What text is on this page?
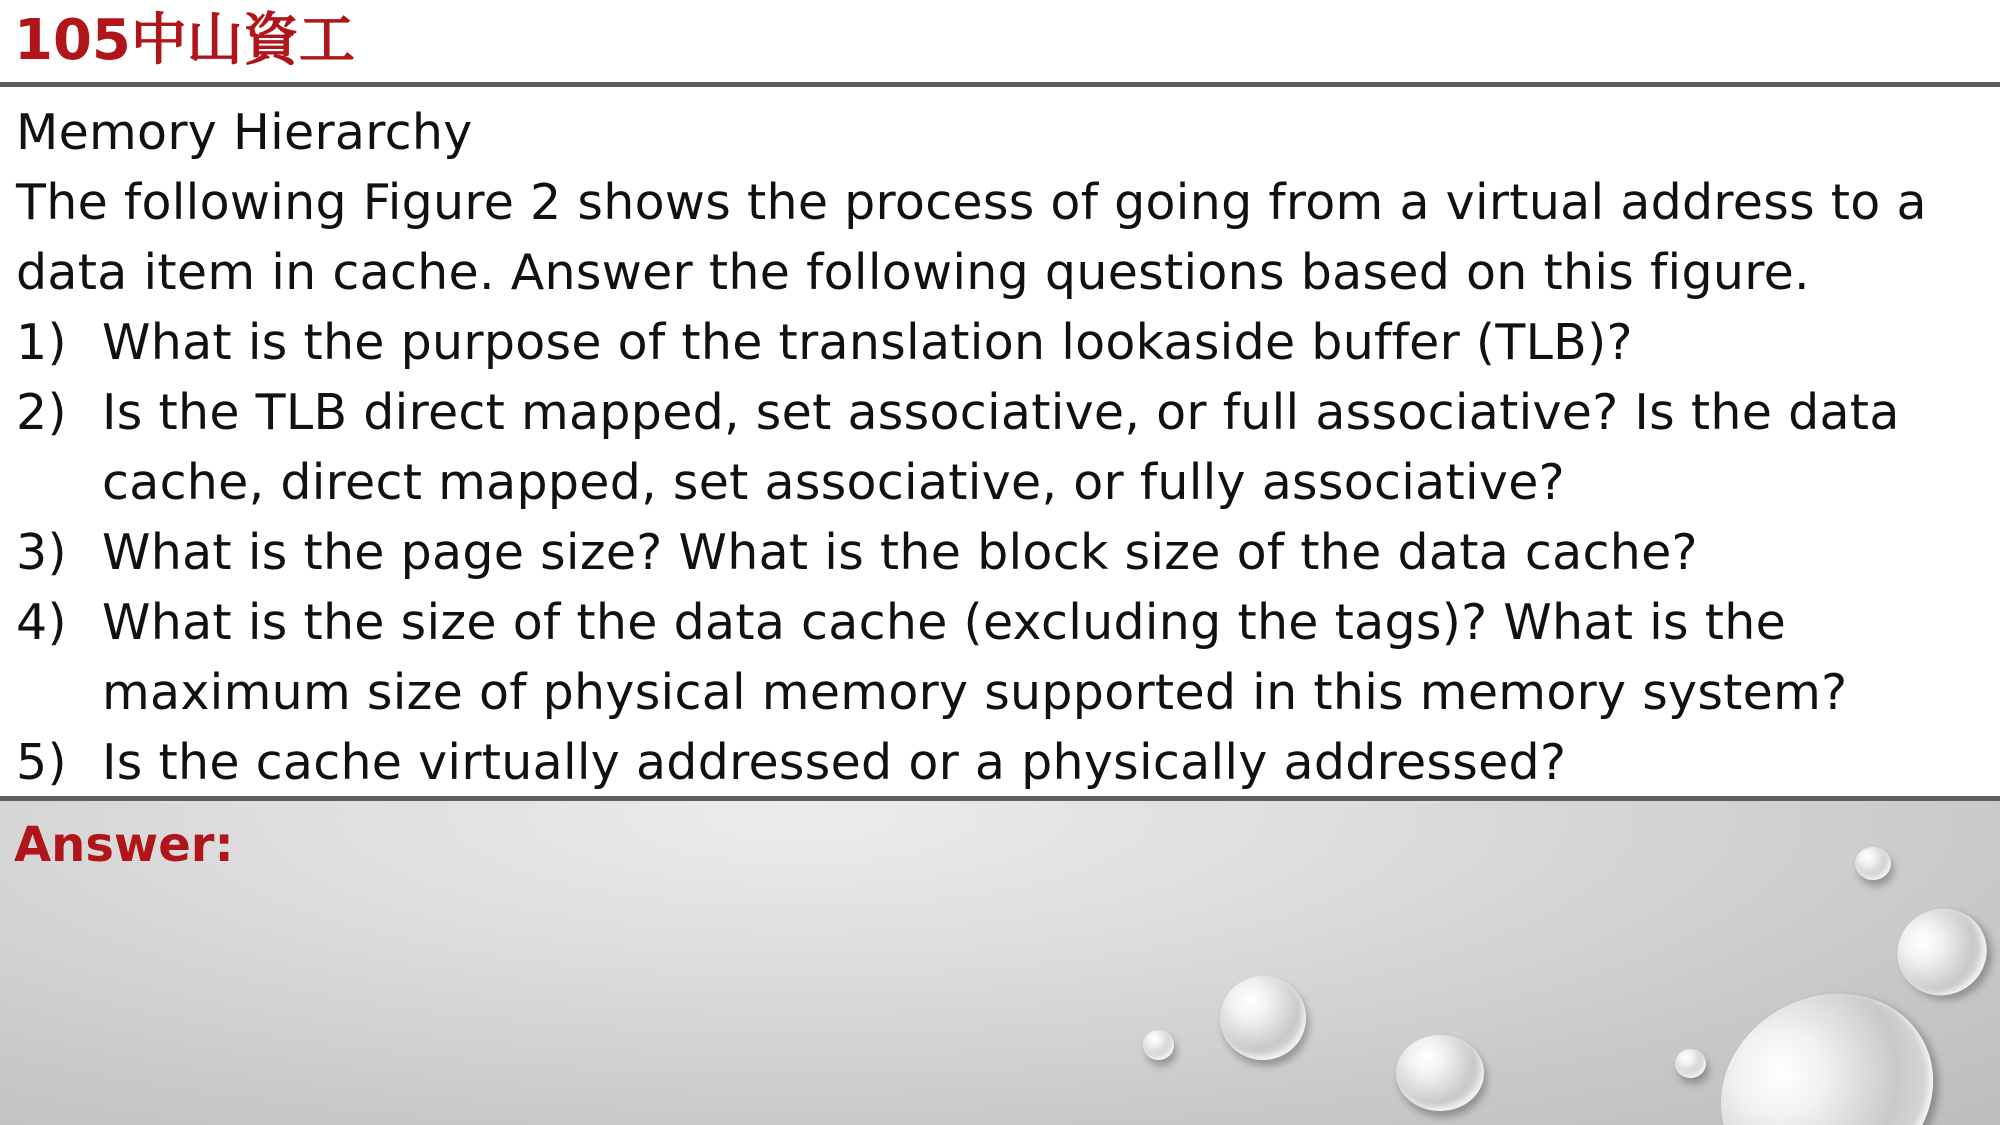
105中山資工

Memory Hierarchy

The following Figure 2 shows the process of going from a virtual address to a data item in cache. Answer the following questions based on this figure.

1) What is the purpose of the translation lookaside buffer (TLB)?
2) Is the TLB direct mapped, set associative, or full associative? Is the data cache, direct mapped, set associative, or fully associative?
3) What is the page size? What is the block size of the data cache?
4) What is the size of the data cache (excluding the tags)? What is the maximum size of physical memory supported in this memory system?
5) Is the cache virtually addressed or a physically addressed?
Answer:
